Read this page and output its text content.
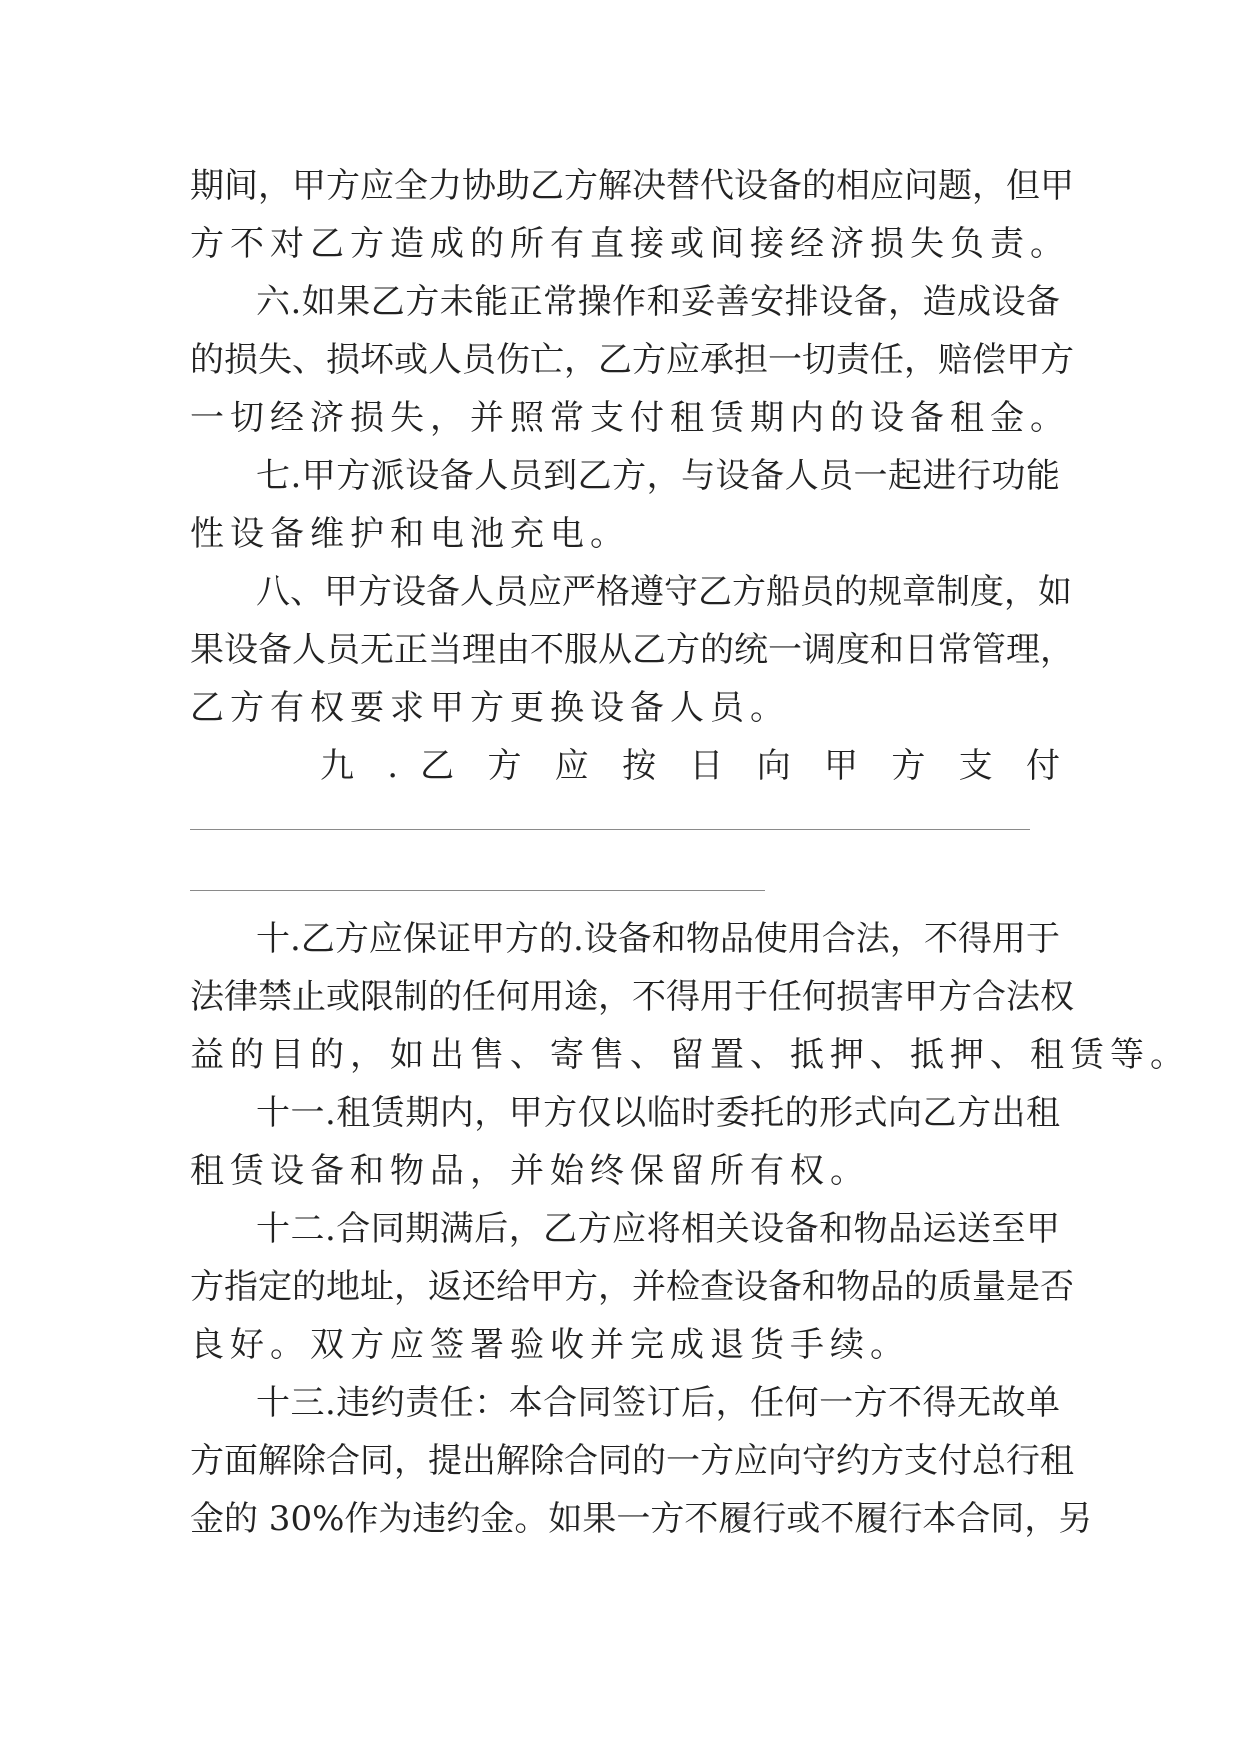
期间，甲方应全力协助乙方解决替代设备的相应问题，但甲
方不对乙方造成的所有直接或间接经济损失负责。
六.如果乙方未能正常操作和妥善安排设备，造成设备
的损失、损坏或人员伤亡，乙方应承担一切责任，赔偿甲方
一切经济损失，并照常支付租赁期内的设备租金。
七.甲方派设备人员到乙方，与设备人员一起进行功能
性设备维护和电池充电。
八、甲方设备人员应严格遵守乙方船员的规章制度，如
果设备人员无正当理由不服从乙方的统一调度和日常管理，
乙方有权要求甲方更换设备人员。
九 . 乙 方 应 按 日 向 甲 方 支 付
十.乙方应保证甲方的.设备和物品使用合法，不得用于
法律禁止或限制的任何用途，不得用于任何损害甲方合法权
益的目的，如出售、寄售、留置、抵押、抵押、租赁等。
十一.租赁期内，甲方仅以临时委托的形式向乙方出租
租赁设备和物品，并始终保留所有权。
十二.合同期满后，乙方应将相关设备和物品运送至甲
方指定的地址，返还给甲方，并检查设备和物品的质量是否
良好。双方应签署验收并完成退货手续。
十三.违约责任：本合同签订后，任何一方不得无故单
方面解除合同，提出解除合同的一方应向守约方支付总行租
金的 30%作为违约金。如果一方不履行或不履行本合同，另
